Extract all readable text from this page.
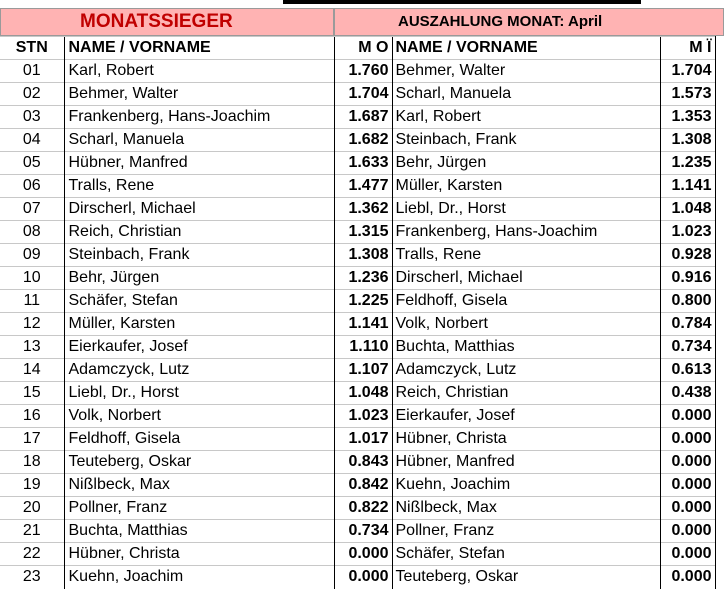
MONATSSIEGER	AUSZAHLUNG MONAT: April
STN	NAME / VORNAME	M O	NAME / VORNAME	M Ï
01	Karl, Robert	1.760	Behmer, Walter	1.704
02	Behmer, Walter	1.704	Scharl, Manuela	1.573
03	Frankenberg, Hans-Joachim	1.687	Karl, Robert	1.353
04	Scharl, Manuela	1.682	Steinbach, Frank	1.308
05	Hübner, Manfred	1.633	Behr, Jürgen	1.235
06	Tralls, Rene	1.477	Müller, Karsten	1.141
07	Dirscherl, Michael	1.362	Liebl, Dr., Horst	1.048
08	Reich, Christian	1.315	Frankenberg, Hans-Joachim	1.023
09	Steinbach, Frank	1.308	Tralls, Rene	0.928
10	Behr, Jürgen	1.236	Dirscherl, Michael	0.916
11	Schäfer, Stefan	1.225	Feldhoff, Gisela	0.800
12	Müller, Karsten	1.141	Volk, Norbert	0.784
13	Eierkaufer, Josef	1.110	Buchta, Matthias	0.734
14	Adamczyck, Lutz	1.107	Adamczyck, Lutz	0.613
15	Liebl, Dr., Horst	1.048	Reich, Christian	0.438
16	Volk, Norbert	1.023	Eierkaufer, Josef	0.000
17	Feldhoff, Gisela	1.017	Hübner, Christa	0.000
18	Teuteberg, Oskar	0.843	Hübner, Manfred	0.000
19	Nißlbeck, Max	0.842	Kuehn, Joachim	0.000
20	Pollner, Franz	0.822	Nißlbeck, Max	0.000
21	Buchta, Matthias	0.734	Pollner, Franz	0.000
22	Hübner, Christa	0.000	Schäfer, Stefan	0.000
23	Kuehn, Joachim	0.000	Teuteberg, Oskar	0.000
